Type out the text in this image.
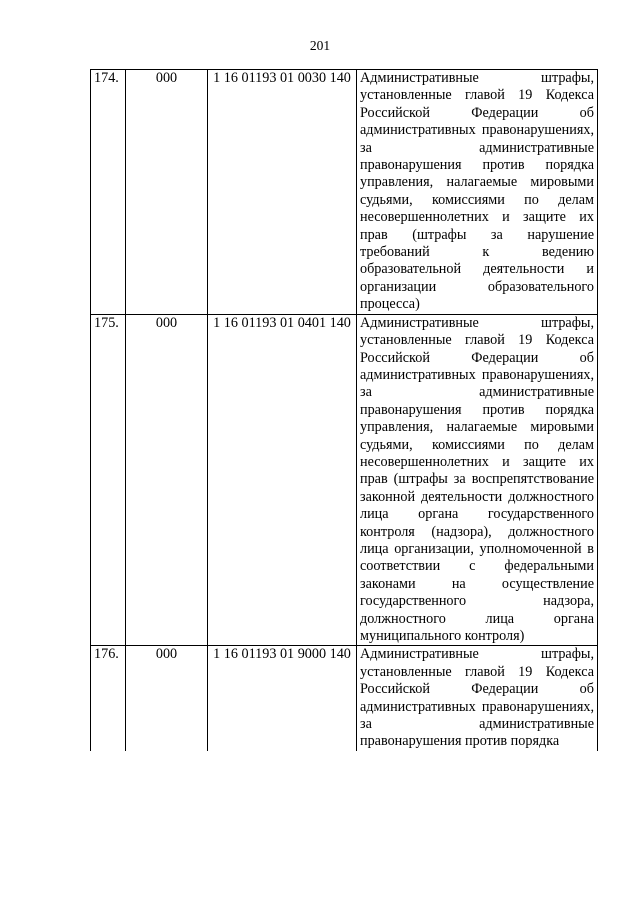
201
174.	000	1 16 01193 01 0030 140	Административные штрафы, установленные главой 19 Кодекса Российской Федерации об административных правонарушениях, за административные правонарушения против порядка управления, налагаемые мировыми судьями, комиссиями по делам несовершеннолетних и защите их прав (штрафы за нарушение требований к ведению образовательной деятельности и организации образовательного процесса)
175.	000	1 16 01193 01 0401 140	Административные штрафы, установленные главой 19 Кодекса Российской Федерации об административных правонарушениях, за административные правонарушения против порядка управления, налагаемые мировыми судьями, комиссиями по делам несовершеннолетних и защите их прав (штрафы за воспрепятствование законной деятельности должностного лица органа государственного контроля (надзора), должностного лица организации, уполномоченной в соответствии с федеральными законами на осуществление государственного надзора, должностного лица органа муниципального контроля)
176.	000	1 16 01193 01 9000 140	Административные штрафы, установленные главой 19 Кодекса Российской Федерации об административных правонарушениях, за административные правонарушения против порядка
